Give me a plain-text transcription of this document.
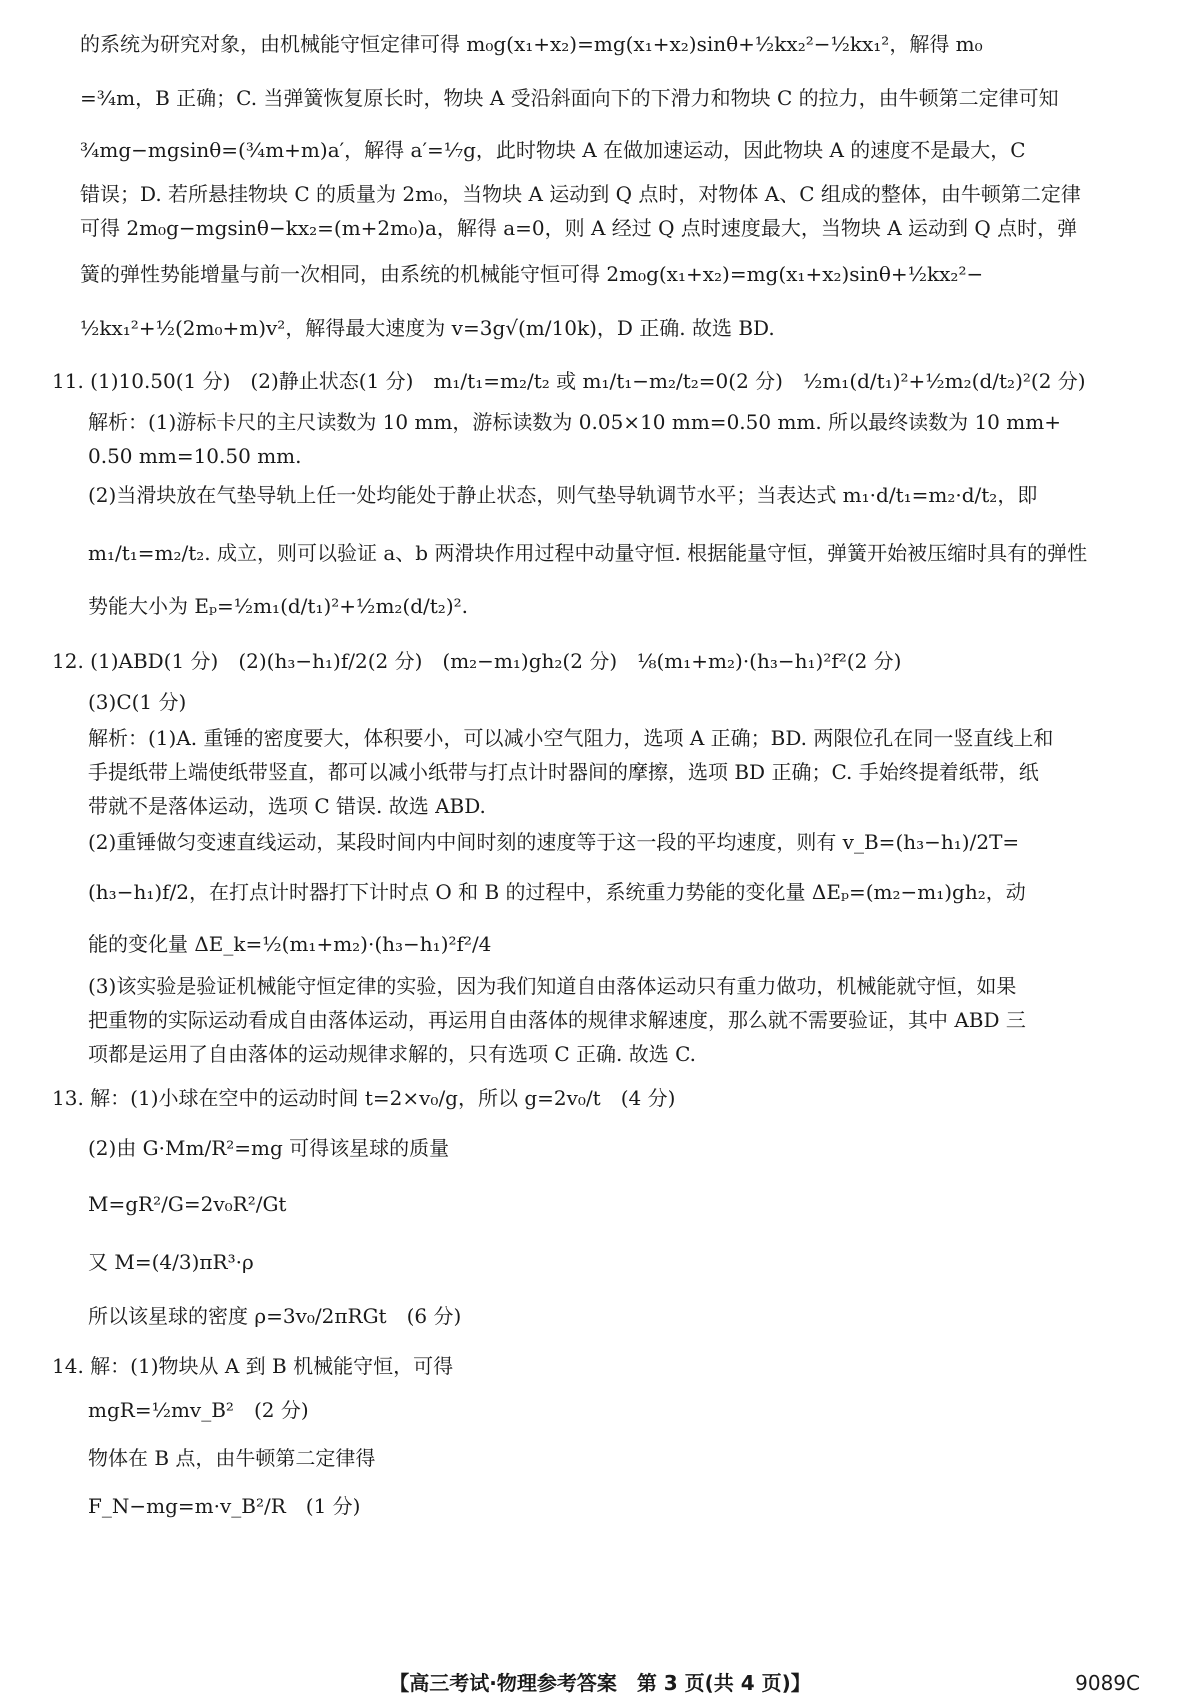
的系统为研究对象，由机械能守恒定律可得 m₀g(x₁+x₂)=mg(x₁+x₂)sinθ+½kx₂²−½kx₁²，解得 m₀
=¾m，B 正确；C. 当弹簧恢复原长时，物块 A 受沿斜面向下的下滑力和物块 C 的拉力，由牛顿第二定律可知
¾mg−mgsinθ=(¾m+m)a′，解得 a′=⅐g，此时物块 A 在做加速运动，因此物块 A 的速度不是最大，C
错误；D. 若所悬挂物块 C 的质量为 2m₀，当物块 A 运动到 Q 点时，对物体 A、C 组成的整体，由牛顿第二定律
可得 2m₀g−mgsinθ−kx₂=(m+2m₀)a，解得 a=0，则 A 经过 Q 点时速度最大，当物块 A 运动到 Q 点时，弹
簧的弹性势能增量与前一次相同，由系统的机械能守恒可得 2m₀g(x₁+x₂)=mg(x₁+x₂)sinθ+½kx₂²−
½kx₁²+½(2m₀+m)v²，解得最大速度为 v=3g√(m/10k)，D 正确. 故选 BD.
11. (1)10.50(1 分)　(2)静止状态(1 分)　m₁/t₁=m₂/t₂ 或 m₁/t₁−m₂/t₂=0(2 分)　½m₁(d/t₁)²+½m₂(d/t₂)²(2 分)
解析：(1)游标卡尺的主尺读数为 10 mm，游标读数为 0.05×10 mm=0.50 mm. 所以最终读数为 10 mm+
0.50 mm=10.50 mm.
(2)当滑块放在气垫导轨上任一处均能处于静止状态，则气垫导轨调节水平；当表达式 m₁·d/t₁=m₂·d/t₂，即
m₁/t₁=m₂/t₂. 成立，则可以验证 a、b 两滑块作用过程中动量守恒. 根据能量守恒，弹簧开始被压缩时具有的弹性
势能大小为 Eₚ=½m₁(d/t₁)²+½m₂(d/t₂)².
12. (1)ABD(1 分)　(2)(h₃−h₁)f/2(2 分)　(m₂−m₁)gh₂(2 分)　⅛(m₁+m₂)·(h₃−h₁)²f²(2 分)
(3)C(1 分)
解析：(1)A. 重锤的密度要大，体积要小，可以减小空气阻力，选项 A 正确；BD. 两限位孔在同一竖直线上和
手提纸带上端使纸带竖直，都可以减小纸带与打点计时器间的摩擦，选项 BD 正确；C. 手始终提着纸带，纸
带就不是落体运动，选项 C 错误. 故选 ABD.
(2)重锤做匀变速直线运动，某段时间内中间时刻的速度等于这一段的平均速度，则有 v_B=(h₃−h₁)/2T=
(h₃−h₁)f/2，在打点计时器打下计时点 O 和 B 的过程中，系统重力势能的变化量 ΔEₚ=(m₂−m₁)gh₂，动
能的变化量 ΔE_k=½(m₁+m₂)·(h₃−h₁)²f²/4
(3)该实验是验证机械能守恒定律的实验，因为我们知道自由落体运动只有重力做功，机械能就守恒，如果
把重物的实际运动看成自由落体运动，再运用自由落体的规律求解速度，那么就不需要验证，其中 ABD 三
项都是运用了自由落体的运动规律求解的，只有选项 C 正确. 故选 C.
13. 解：(1)小球在空中的运动时间 t=2×v₀/g，所以 g=2v₀/t　(4 分)
(2)由 G·Mm/R²=mg 可得该星球的质量
M=gR²/G=2v₀R²/Gt
又 M=(4/3)πR³·ρ
所以该星球的密度 ρ=3v₀/2πRGt　(6 分)
14. 解：(1)物块从 A 到 B 机械能守恒，可得
mgR=½mv_B²　(2 分)
物体在 B 点，由牛顿第二定律得
F_N−mg=m·v_B²/R　(1 分)
【高三考试·物理参考答案　第 3 页(共 4 页)】	9089C
